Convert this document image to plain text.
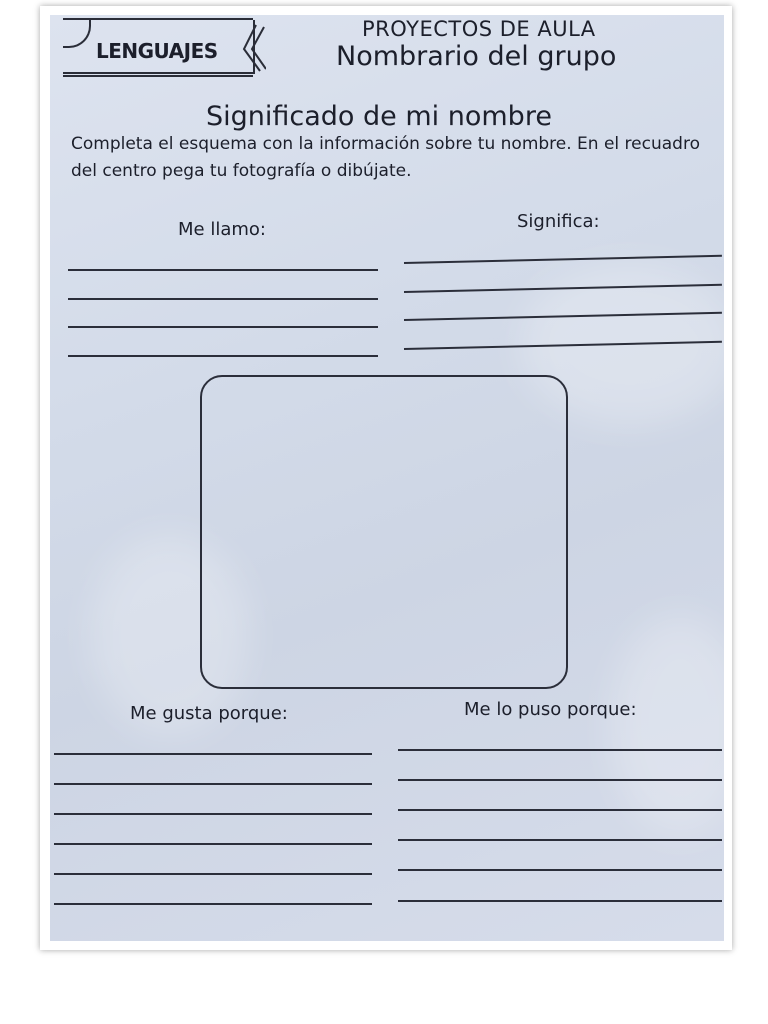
LENGUAJES
PROYECTOS DE AULA
Nombrario del grupo
Significado de mi nombre
Completa el esquema con la información sobre tu nombre. En el recuadro del centro pega tu fotografía o dibújate.
Me llamo:	Significa:
Me gusta porque:	Me lo puso porque:
